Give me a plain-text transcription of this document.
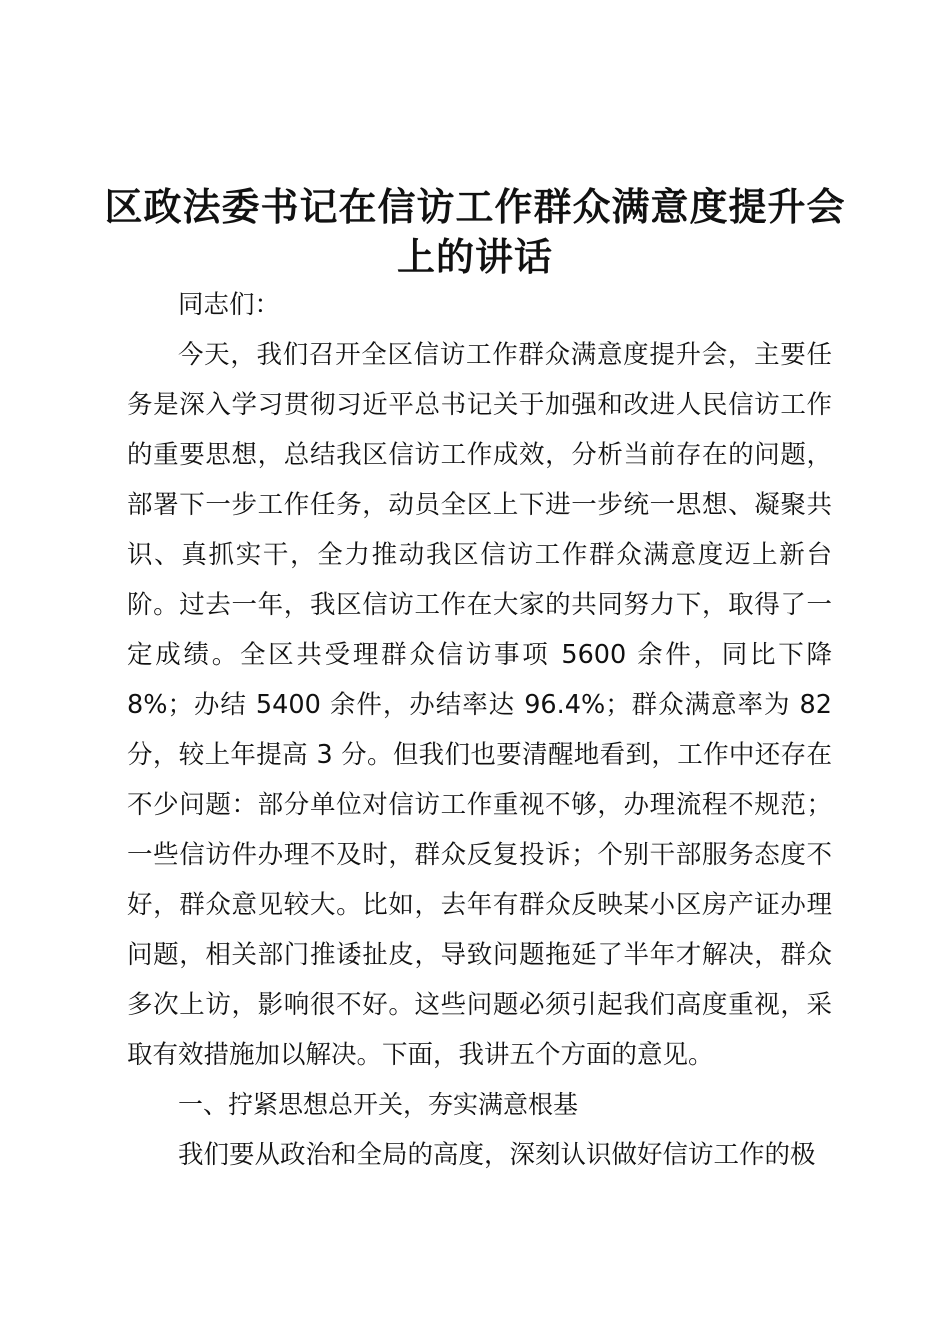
区政法委书记在信访工作群众满意度提升会上的讲话

同志们：

今天，我们召开全区信访工作群众满意度提升会，主要任务是深入学习贯彻习近平总书记关于加强和改进人民信访工作的重要思想，总结我区信访工作成效，分析当前存在的问题，部署下一步工作任务，动员全区上下进一步统一思想、凝聚共识、真抓实干，全力推动我区信访工作群众满意度迈上新台阶。过去一年，我区信访工作在大家的共同努力下，取得了一定成绩。全区共受理群众信访事项 5600 余件，同比下降 8%；办结 5400 余件，办结率达 96.4%；群众满意率为 82 分，较上年提高 3 分。但我们也要清醒地看到，工作中还存在不少问题：部分单位对信访工作重视不够，办理流程不规范；一些信访件办理不及时，群众反复投诉；个别干部服务态度不好，群众意见较大。比如，去年有群众反映某小区房产证办理问题，相关部门推诿扯皮，导致问题拖延了半年才解决，群众多次上访，影响很不好。这些问题必须引起我们高度重视，采取有效措施加以解决。下面，我讲五个方面的意见。

一、拧紧思想总开关，夯实满意根基

我们要从政治和全局的高度，深刻认识做好信访工作的极
